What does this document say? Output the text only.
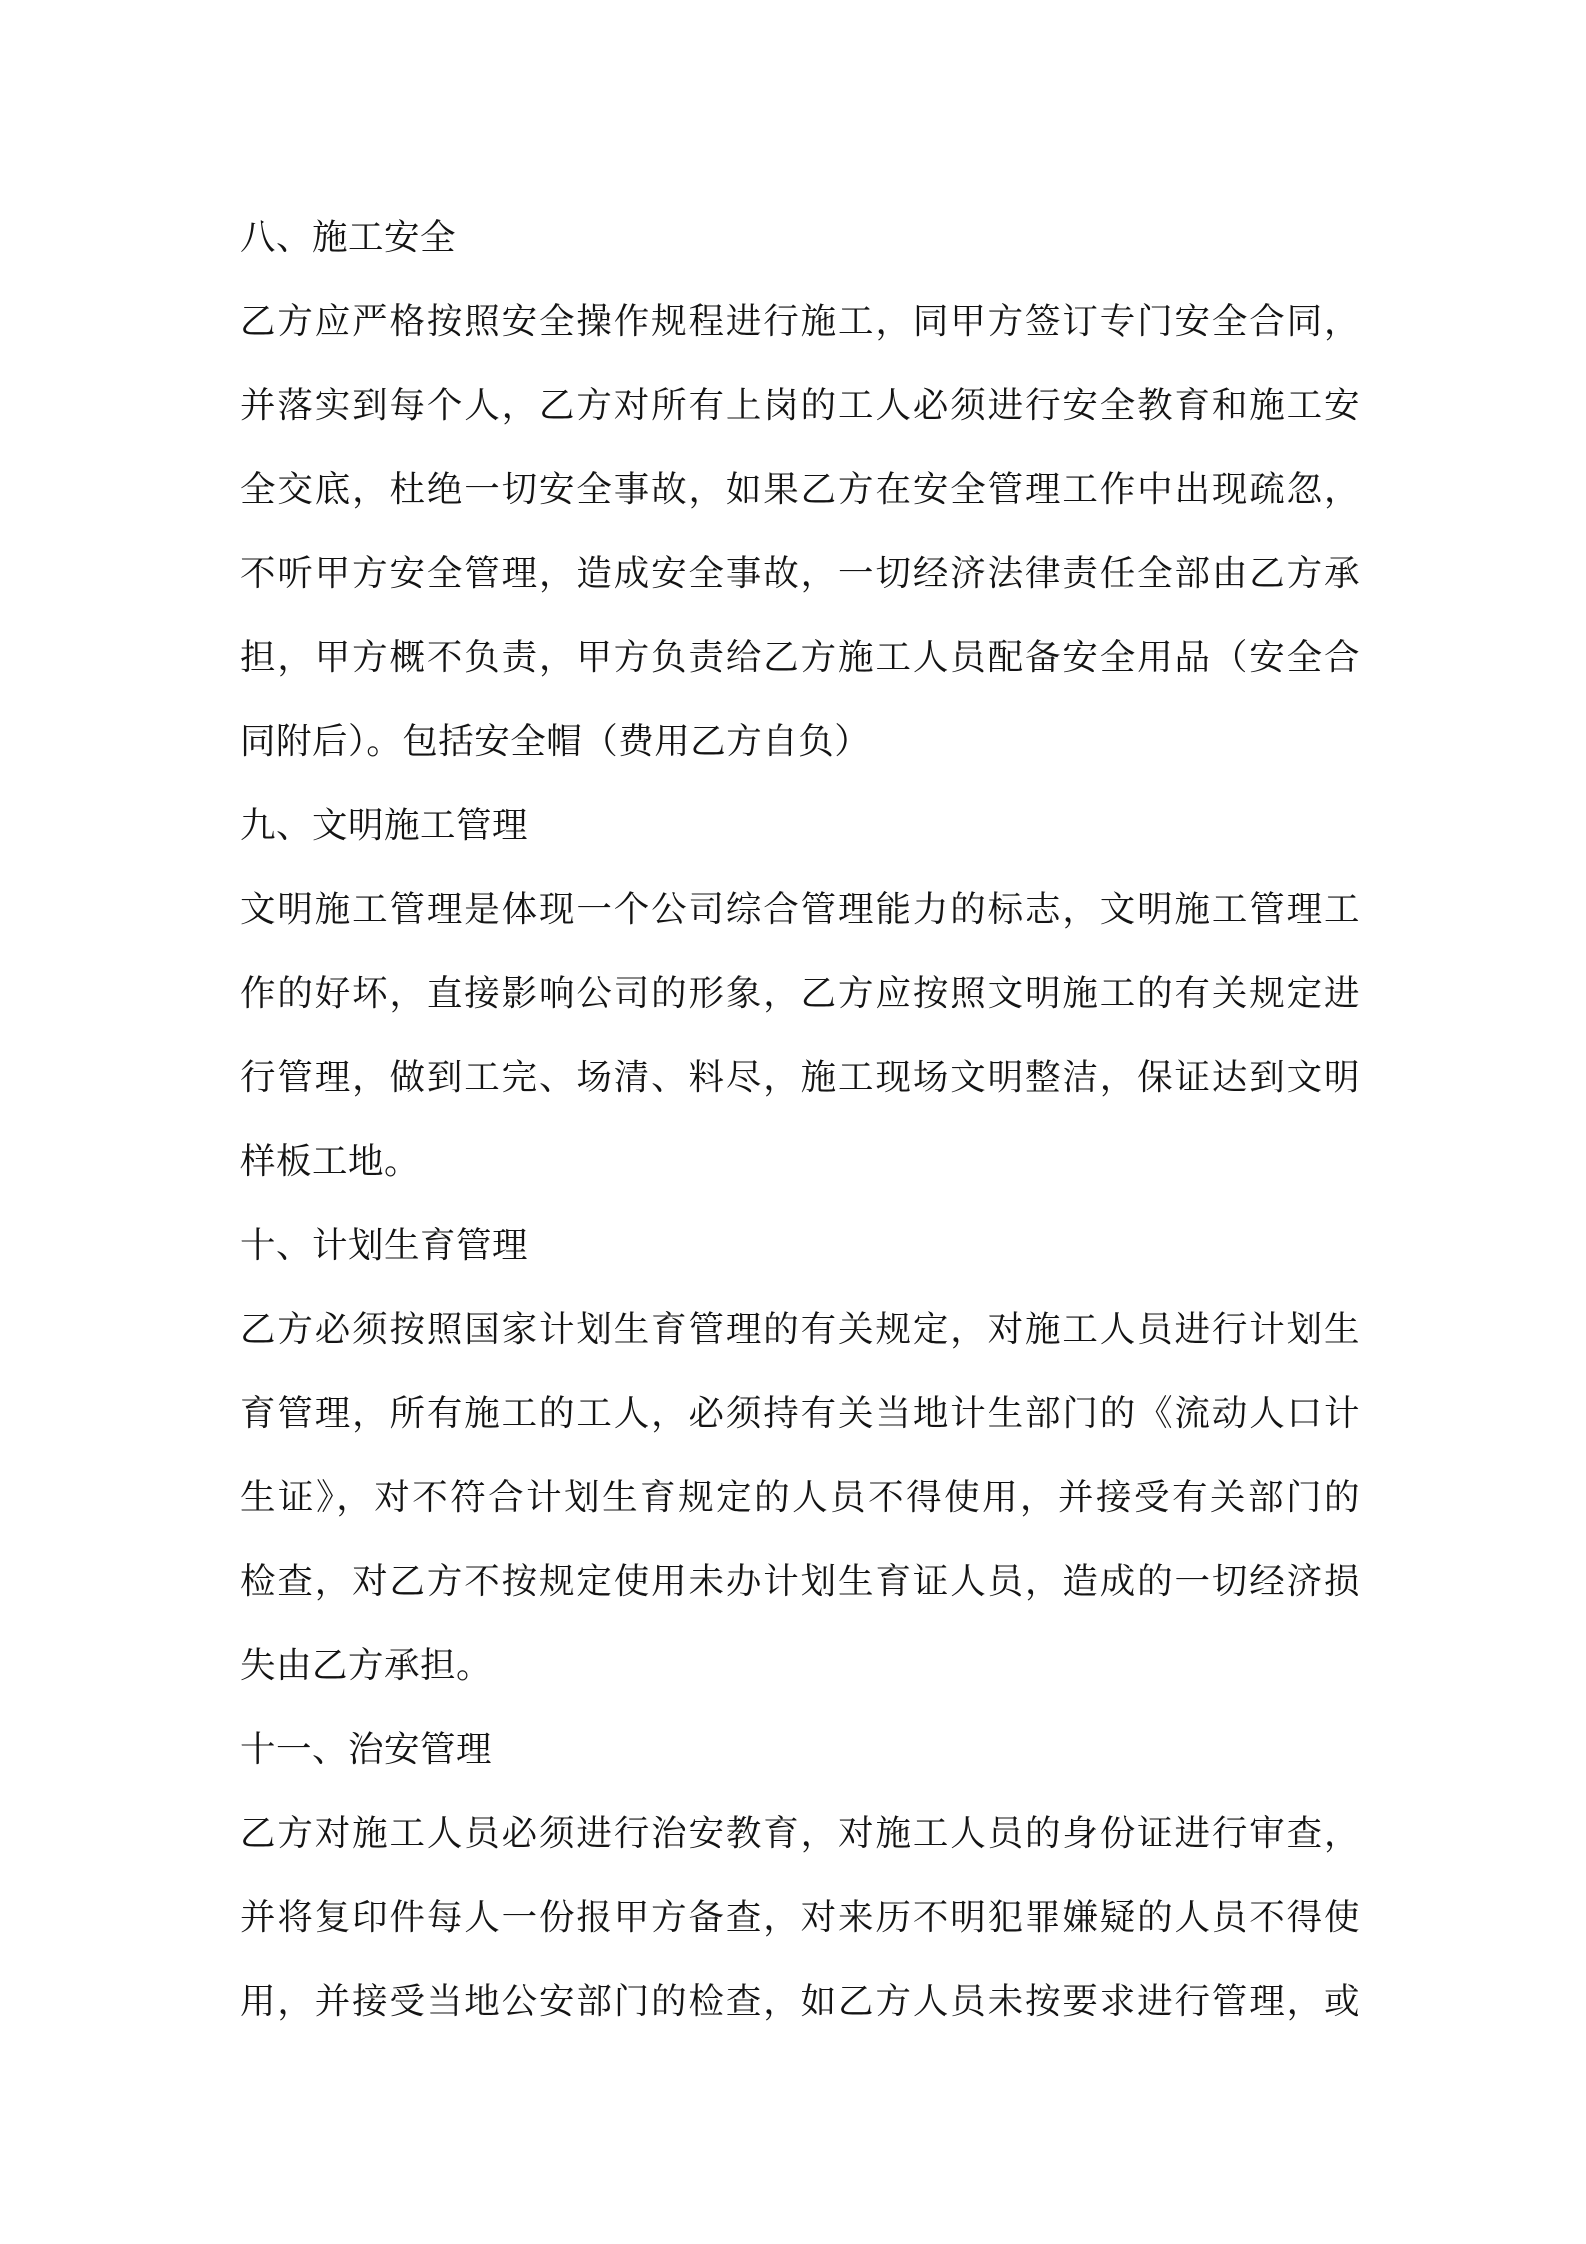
八、施工安全
乙方应严格按照安全操作规程进行施工，同甲方签订专门安全合同，
并落实到每个人，乙方对所有上岗的工人必须进行安全教育和施工安
全交底，杜绝一切安全事故，如果乙方在安全管理工作中出现疏忽，
不听甲方安全管理，造成安全事故，一切经济法律责任全部由乙方承
担，甲方概不负责，甲方负责给乙方施工人员配备安全用品（安全合
同附后）。包括安全帽（费用乙方自负）
九、文明施工管理
文明施工管理是体现一个公司综合管理能力的标志，文明施工管理工
作的好坏，直接影响公司的形象，乙方应按照文明施工的有关规定进
行管理，做到工完、场清、料尽，施工现场文明整洁，保证达到文明
样板工地。
十、计划生育管理
乙方必须按照国家计划生育管理的有关规定，对施工人员进行计划生
育管理，所有施工的工人，必须持有关当地计生部门的《流动人口计
生证》，对不符合计划生育规定的人员不得使用，并接受有关部门的
检查，对乙方不按规定使用未办计划生育证人员，造成的一切经济损
失由乙方承担。
十一、治安管理
乙方对施工人员必须进行治安教育，对施工人员的身份证进行审查，
并将复印件每人一份报甲方备查，对来历不明犯罪嫌疑的人员不得使
用，并接受当地公安部门的检查，如乙方人员未按要求进行管理，或
